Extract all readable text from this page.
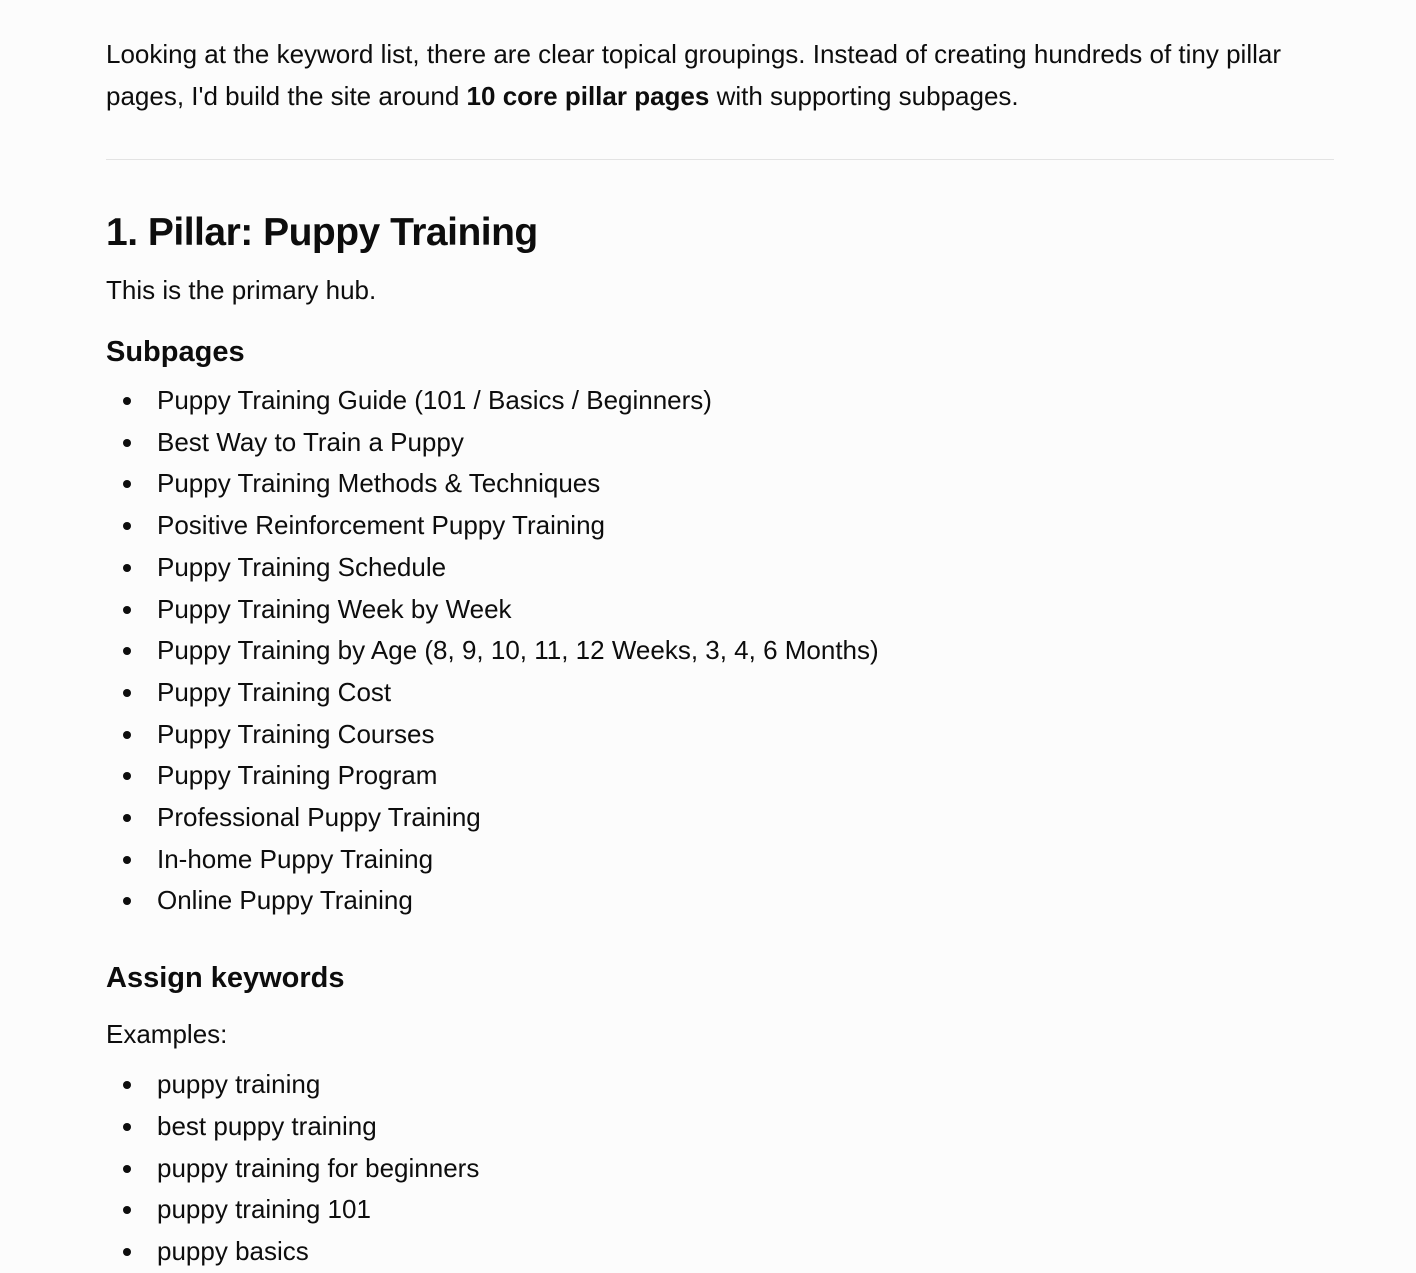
Looking at the keyword list, there are clear topical groupings. Instead of creating hundreds of tiny pillar pages, I'd build the site around 10 core pillar pages with supporting subpages.

1. Pillar: Puppy Training

This is the primary hub.

Subpages
Puppy Training Guide (101 / Basics / Beginners)
Best Way to Train a Puppy
Puppy Training Methods & Techniques
Positive Reinforcement Puppy Training
Puppy Training Schedule
Puppy Training Week by Week
Puppy Training by Age (8, 9, 10, 11, 12 Weeks, 3, 4, 6 Months)
Puppy Training Cost
Puppy Training Courses
Puppy Training Program
Professional Puppy Training
In-home Puppy Training
Online Puppy Training
Assign keywords

Examples:

puppy training
best puppy training
puppy training for beginners
puppy training 101
puppy basics
